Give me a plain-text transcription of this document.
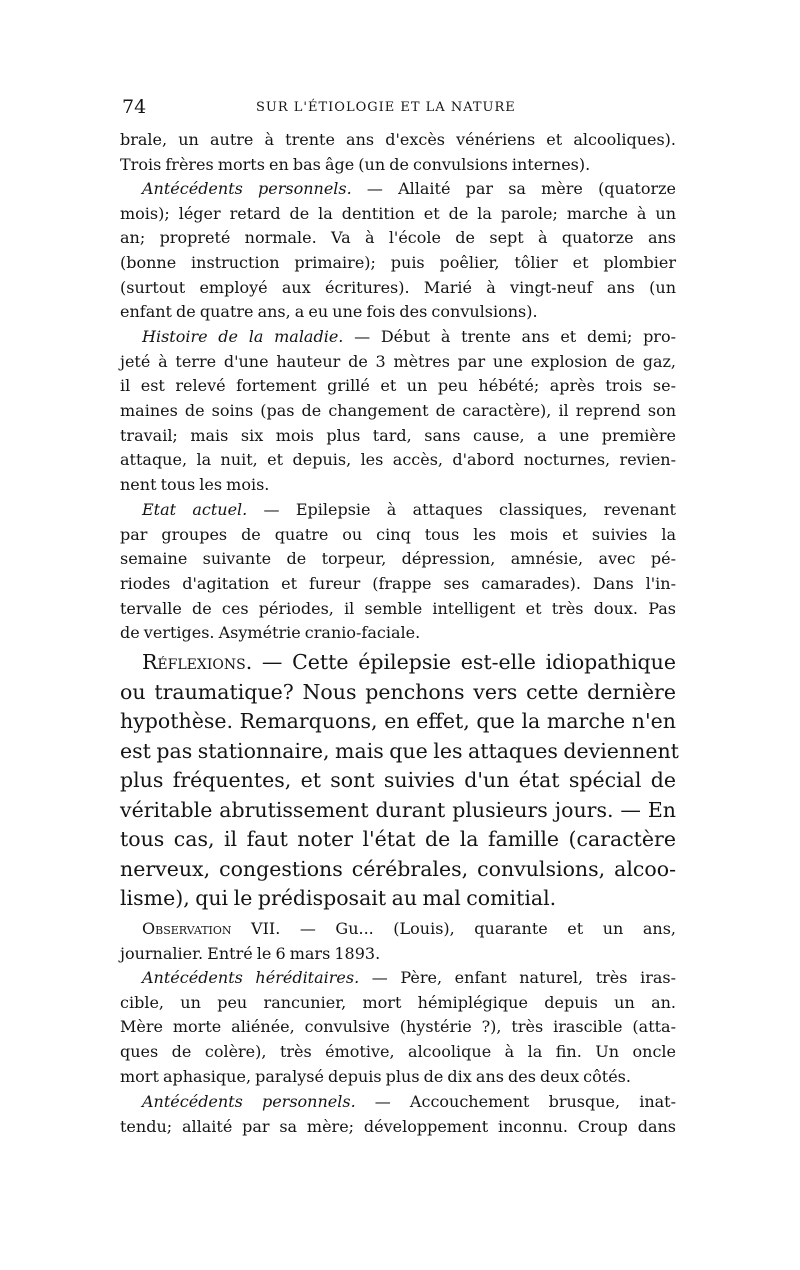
74	SUR L'ÉTIOLOGIE ET LA NATURE
brale, un autre à trente ans d'excès vénériens et alcooliques).
Trois frères morts en bas âge (un de convulsions internes).
Antécédents personnels. — Allaité par sa mère (quatorze
mois); léger retard de la dentition et de la parole; marche à un
an; propreté normale. Va à l'école de sept à quatorze ans
(bonne instruction primaire); puis poêlier, tôlier et plombier
(surtout employé aux écritures). Marié à vingt-neuf ans (un
enfant de quatre ans, a eu une fois des convulsions).
Histoire de la maladie. — Début à trente ans et demi; pro-
jeté à terre d'une hauteur de 3 mètres par une explosion de gaz,
il est relevé fortement grillé et un peu hébété; après trois se-
maines de soins (pas de changement de caractère), il reprend son
travail; mais six mois plus tard, sans cause, a une première
attaque, la nuit, et depuis, les accès, d'abord nocturnes, revien-
nent tous les mois.
Etat actuel. — Epilepsie à attaques classiques, revenant
par groupes de quatre ou cinq tous les mois et suivies la
semaine suivante de torpeur, dépression, amnésie, avec pé-
riodes d'agitation et fureur (frappe ses camarades). Dans l'in-
tervalle de ces périodes, il semble intelligent et très doux. Pas
de vertiges. Asymétrie cranio-faciale.
Réflexions. — Cette épilepsie est-elle idiopathique
ou traumatique? Nous penchons vers cette dernière
hypothèse. Remarquons, en effet, que la marche n'en
est pas stationnaire, mais que les attaques deviennent
plus fréquentes, et sont suivies d'un état spécial de
véritable abrutissement durant plusieurs jours. — En
tous cas, il faut noter l'état de la famille (caractère
nerveux, congestions cérébrales, convulsions, alcoo-
lisme), qui le prédisposait au mal comitial.
Observation VII. — Gu... (Louis), quarante et un ans,
journalier. Entré le 6 mars 1893.
Antécédents héréditaires. — Père, enfant naturel, très iras-
cible, un peu rancunier, mort hémiplégique depuis un an.
Mère morte aliénée, convulsive (hystérie ?), très irascible (atta-
ques de colère), très émotive, alcoolique à la fin. Un oncle
mort aphasique, paralysé depuis plus de dix ans des deux côtés.
Antécédents personnels. — Accouchement brusque, inat-
tendu; allaité par sa mère; développement inconnu. Croup dans
